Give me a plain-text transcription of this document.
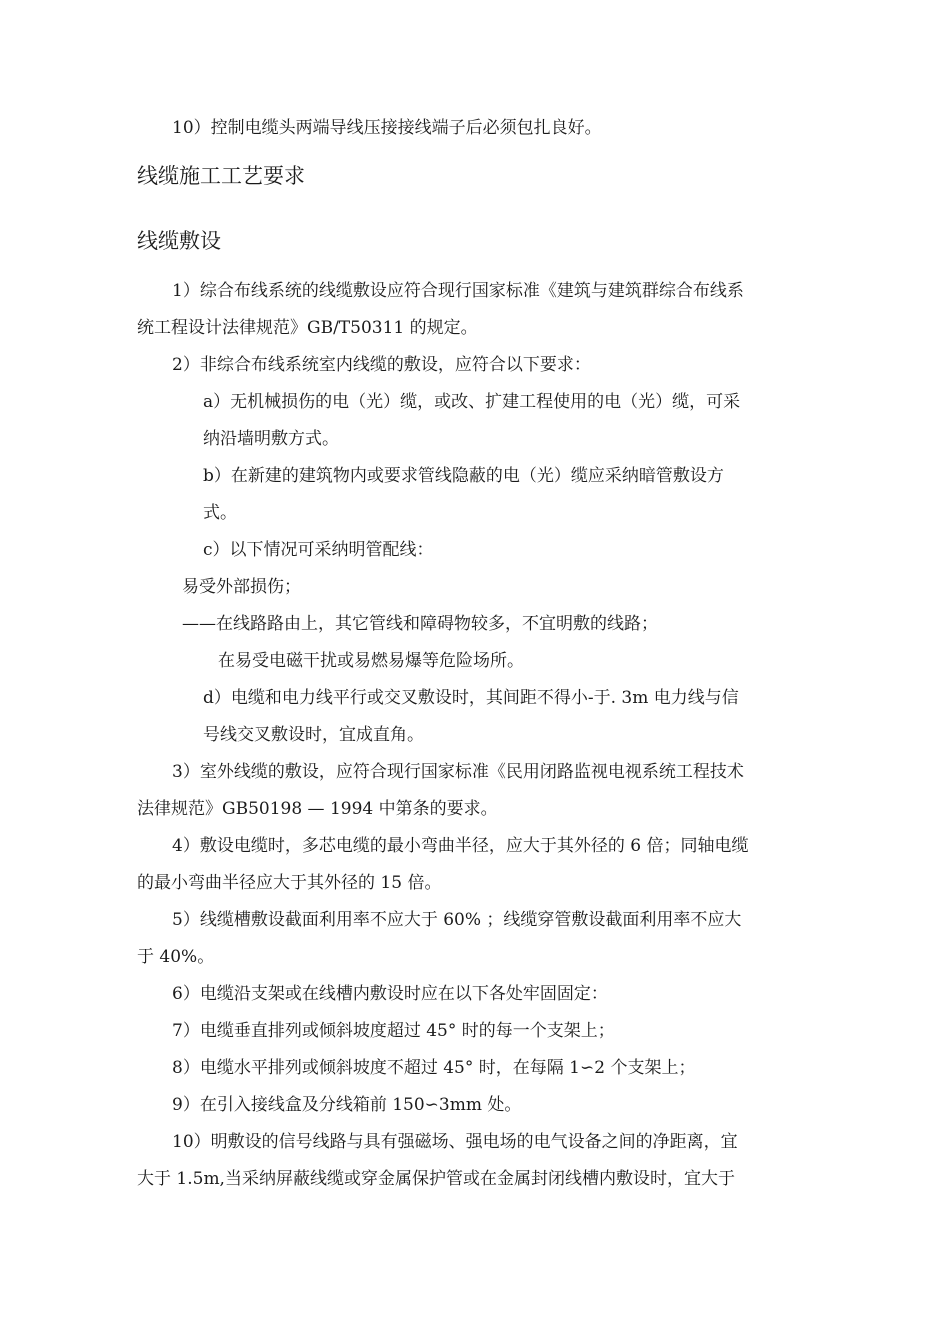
10）控制电缆头两端导线压接接线端子后必须包扎良好。
线缆施工工艺要求
线缆敷设
1）综合布线系统的线缆敷设应符合现行国家标准《建筑与建筑群综合布线系
统工程设计法律规范》GB/T50311 的规定。
2）非综合布线系统室内线缆的敷设，应符合以下要求：
a）无机械损伤的电（光）缆，或改、扩建工程使用的电（光）缆，可采
纳沿墙明敷方式。
b）在新建的建筑物内或要求管线隐蔽的电（光）缆应采纳暗管敷设方
式。
c）以下情况可采纳明管配线：
易受外部损伤；
——在线路路由上，其它管线和障碍物较多，不宜明敷的线路；
在易受电磁干扰或易燃易爆等危险场所。
d）电缆和电力线平行或交叉敷设时，其间距不得小-于. 3m 电力线与信
号线交叉敷设时，宜成直角。
3）室外线缆的敷设，应符合现行国家标准《民用闭路监视电视系统工程技术
法律规范》GB50198 — 1994 中第条的要求。
4）敷设电缆时，多芯电缆的最小弯曲半径，应大于其外径的 6 倍；同轴电缆
的最小弯曲半径应大于其外径的 15 倍。
5）线缆槽敷设截面利用率不应大于 60% ；线缆穿管敷设截面利用率不应大
于 40%。
6）电缆沿支架或在线槽内敷设时应在以下各处牢固固定：
7）电缆垂直排列或倾斜坡度超过 45° 时的每一个支架上；
8）电缆水平排列或倾斜坡度不超过 45° 时，在每隔 1∽2 个支架上；
9）在引入接线盒及分线箱前 150∽3mm 处。
10）明敷设的信号线路与具有强磁场、强电场的电气设备之间的净距离，宜
大于 1.5m,当采纳屏蔽线缆或穿金属保护管或在金属封闭线槽内敷设时，宜大于
